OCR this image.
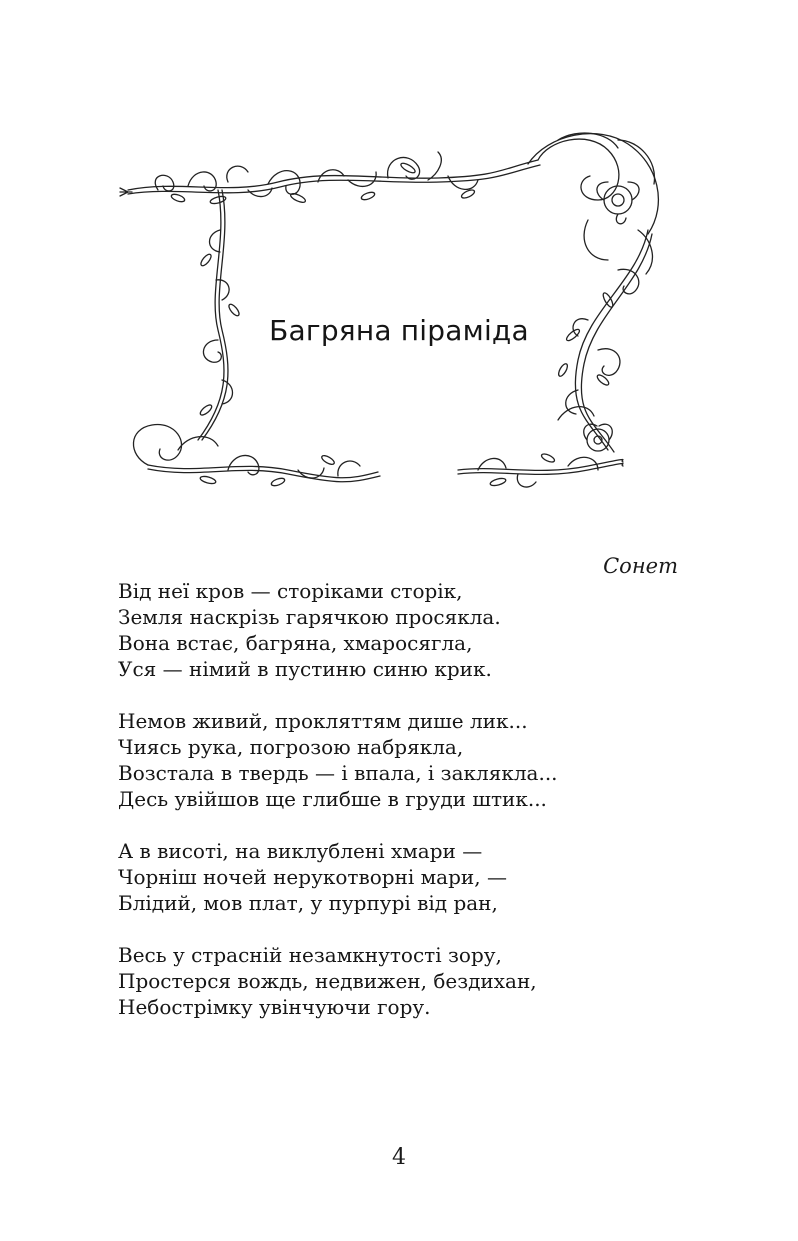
Багряна піраміда
Сонет
Від неї кров — сторіками сторік,
Земля наскрізь гарячкою просякла.
Вона встає, багряна, хмаросягла,
Уся — німий в пустиню синю крик.
Немов живий, прокляттям дише лик...
Чиясь рука, погрозою набрякла,
Возстала в твердь — і впала, і заклякла...
Десь увійшов ще глибше в груди штик...
А в висоті, на виклублені хмари —
Чорніш ночей нерукотворні мари, —
Блідий, мов плат, у пурпурі від ран,
Весь у страсній незамкнутості зору,
Простерся вождь, недвижен, бездихан,
Небострімку увінчуючи гору.
4
